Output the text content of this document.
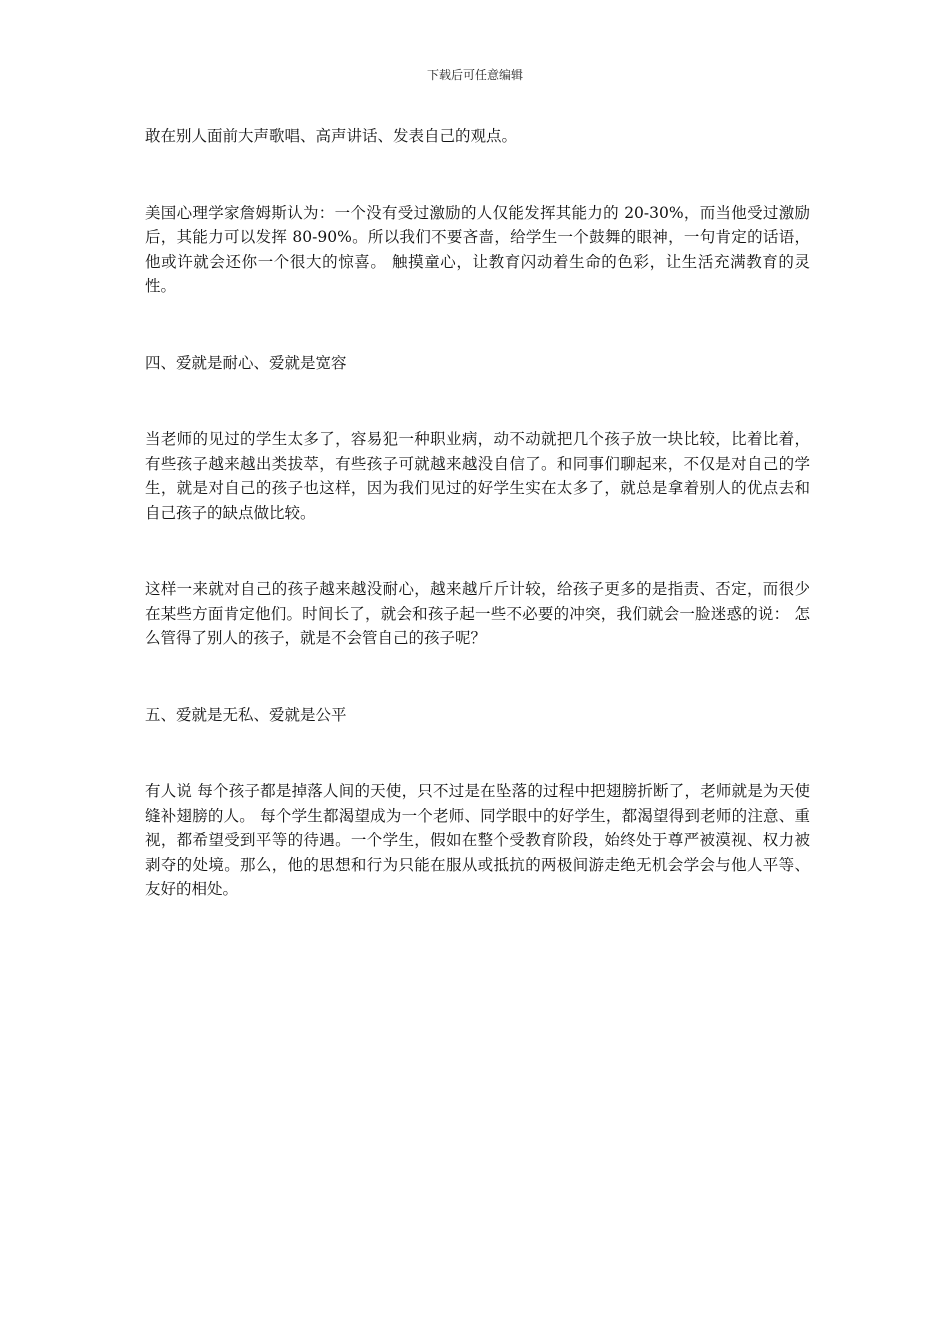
下载后可任意编辑

敢在别人面前大声歌唱、高声讲话、发表自己的观点。

美国心理学家詹姆斯认为：一个没有受过激励的人仅能发挥其能力的 20-30%，而当他受过激励后，其能力可以发挥 80-90%。所以我们不要吝啬，给学生一个鼓舞的眼神，一句肯定的话语，他或许就会还你一个很大的惊喜。 触摸童心，让教育闪动着生命的色彩，让生活充满教育的灵性。

四、爱就是耐心、爱就是宽容

当老师的见过的学生太多了，容易犯一种职业病，动不动就把几个孩子放一块比较，比着比着，有些孩子越来越出类拔萃，有些孩子可就越来越没自信了。和同事们聊起来，不仅是对自己的学生，就是对自己的孩子也这样，因为我们见过的好学生实在太多了，就总是拿着别人的优点去和自己孩子的缺点做比较。

这样一来就对自己的孩子越来越没耐心，越来越斤斤计较，给孩子更多的是指责、否定，而很少在某些方面肯定他们。时间长了，就会和孩子起一些不必要的冲突，我们就会一脸迷惑的说： 怎么管得了别人的孩子，就是不会管自己的孩子呢？

五、爱就是无私、爱就是公平

有人说 每个孩子都是掉落人间的天使，只不过是在坠落的过程中把翅膀折断了，老师就是为天使缝补翅膀的人。 每个学生都渴望成为一个老师、同学眼中的好学生，都渴望得到老师的注意、重视，都希望受到平等的待遇。一个学生，假如在整个受教育阶段，始终处于尊严被漠视、权力被剥夺的处境。那么，他的思想和行为只能在服从或抵抗的两极间游走绝无机会学会与他人平等、友好的相处。
